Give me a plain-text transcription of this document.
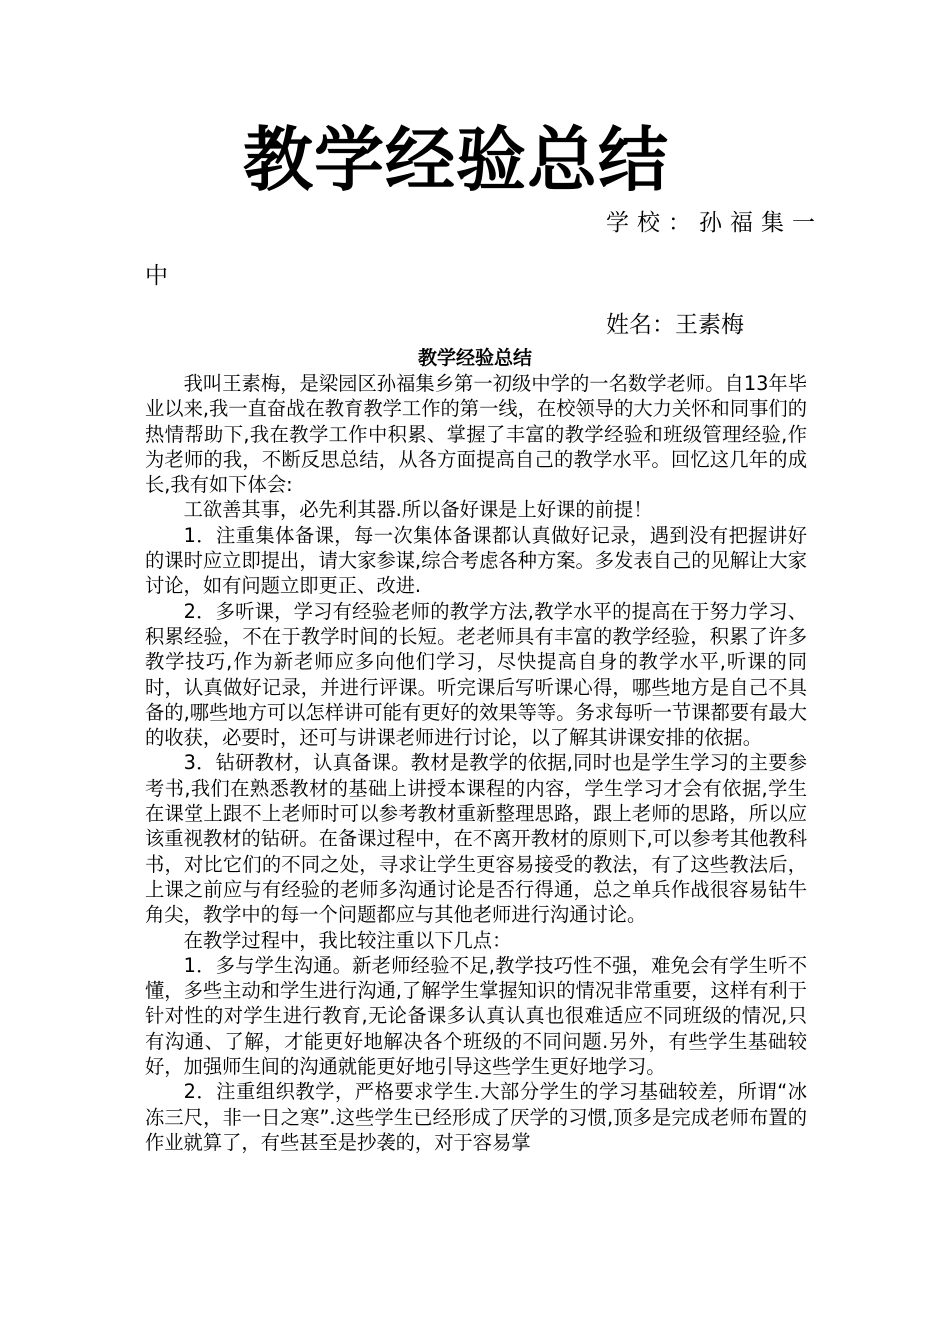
教学经验总结
学校：孙福集一
中
姓名：王素梅
教学经验总结

我叫王素梅，是梁园区孙福集乡第一初级中学的一名数学老师。自13年毕业以来,我一直奋战在教育教学工作的第一线，在校领导的大力关怀和同事们的热情帮助下,我在教学工作中积累、掌握了丰富的教学经验和班级管理经验,作为老师的我，不断反思总结，从各方面提高自己的教学水平。回忆这几年的成长,我有如下体会:

工欲善其事，必先利其器.所以备好课是上好课的前提！

1．注重集体备课，每一次集体备课都认真做好记录，遇到没有把握讲好的课时应立即提出，请大家参谋,综合考虑各种方案。多发表自己的见解让大家讨论，如有问题立即更正、改进.

2．多听课，学习有经验老师的教学方法,教学水平的提高在于努力学习、积累经验，不在于教学时间的长短。老老师具有丰富的教学经验，积累了许多教学技巧,作为新老师应多向他们学习，尽快提高自身的教学水平,听课的同时，认真做好记录，并进行评课。听完课后写听课心得，哪些地方是自己不具备的,哪些地方可以怎样讲可能有更好的效果等等。务求每听一节课都要有最大的收获，必要时，还可与讲课老师进行讨论，以了解其讲课安排的依据。

3．钻研教材，认真备课。教材是教学的依据,同时也是学生学习的主要参考书,我们在熟悉教材的基础上讲授本课程的内容，学生学习才会有依据,学生在课堂上跟不上老师时可以参考教材重新整理思路，跟上老师的思路，所以应该重视教材的钻研。在备课过程中，在不离开教材的原则下,可以参考其他教科书，对比它们的不同之处，寻求让学生更容易接受的教法，有了这些教法后，上课之前应与有经验的老师多沟通讨论是否行得通，总之单兵作战很容易钻牛角尖，教学中的每一个问题都应与其他老师进行沟通讨论。

在教学过程中，我比较注重以下几点：

1．多与学生沟通。新老师经验不足,教学技巧性不强，难免会有学生听不懂，多些主动和学生进行沟通,了解学生掌握知识的情况非常重要，这样有利于针对性的对学生进行教育,无论备课多认真认真也很难适应不同班级的情况,只有沟通、了解，才能更好地解决各个班级的不同问题.另外，有些学生基础较好，加强师生间的沟通就能更好地引导这些学生更好地学习。

2．注重组织教学，严格要求学生.大部分学生的学习基础较差，所谓“冰冻三尺，非一日之寒”.这些学生已经形成了厌学的习惯,顶多是完成老师布置的作业就算了，有些甚至是抄袭的，对于容易掌
